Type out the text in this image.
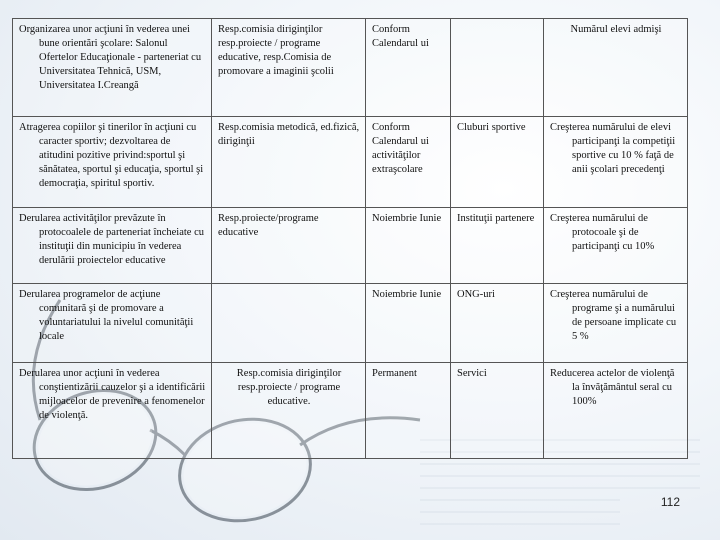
Organizarea unor acţiuni în vederea unei bune orientări şcolare: Salonul Ofertelor Educaţionale - parteneriat cu Universitatea Tehnică, USM, Universitatea I.Creangă	Resp.comisia diriginţilor resp.proiecte / programe educative, resp.Comisia de promovare a imaginii şcolii	Conform Calendarul ui		Numărul elevi admişi
Atragerea copiilor şi tinerilor în acţiuni cu caracter sportiv; dezvoltarea de atitudini pozitive privind:sportul şi sănătatea, sportul şi educaţia, sportul şi democraţia, spiritul sportiv.	Resp.comisia metodică, ed.fizică, diriginţii	Conform Calendarul ui activităţilor extraşcolare	Cluburi sportive	Creşterea numărului de elevi participanţi la competiţii sportive cu 10 % faţă de anii şcolari precedenţi
Derularea activităţilor prevăzute în protocoalele de parteneriat încheiate cu instituţii din municipiu în vederea derulării proiectelor educative	Resp.proiecte/programe educative	Noiembrie Iunie	Instituţii partenere	Creşterea numărului de protocoale şi de participanţi cu 10%
Derularea programelor de acţiune comunitară şi de promovare a voluntariatului la nivelul comunităţii locale		Noiembrie Iunie	ONG-uri	Creşterea numărului de programe şi a numărului de persoane implicate cu 5 %
Derularea unor acţiuni în vederea conştientizării cauzelor şi a identificării mijloacelor de prevenire a fenomenelor de violenţă.	Resp.comisia diriginţilor resp.proiecte / programe educative.	Permanent	Servici	Reducerea actelor de violenţă la învăţământul seral cu 100%
112
